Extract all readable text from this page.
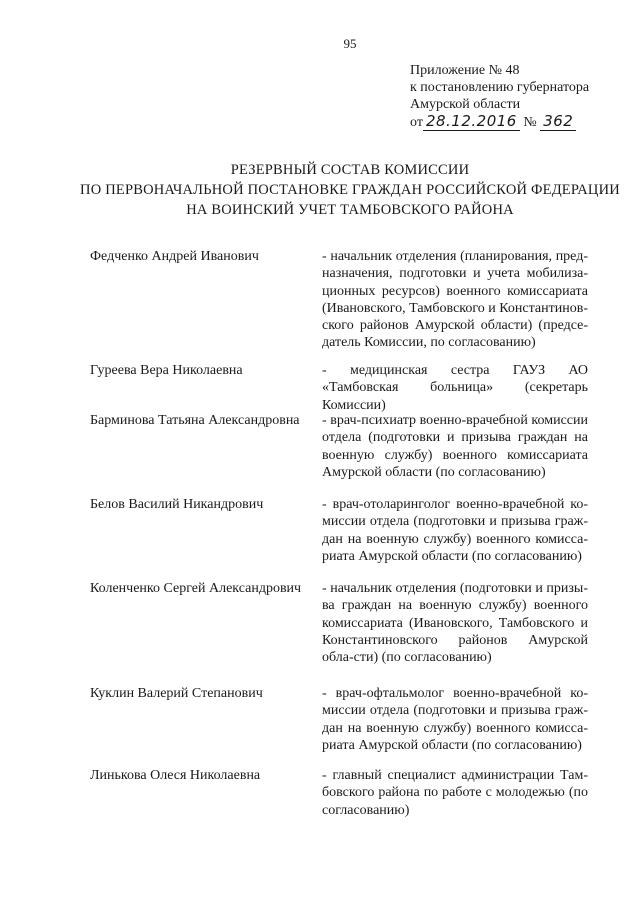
95
Приложение № 48
к постановлению губернатора
Амурской области
от 28.12.2016 № 362
РЕЗЕРВНЫЙ СОСТАВ КОМИССИИ
ПО ПЕРВОНАЧАЛЬНОЙ ПОСТАНОВКЕ ГРАЖДАН РОССИЙСКОЙ ФЕДЕРАЦИИ
НА ВОИНСКИЙ УЧЕТ ТАМБОВСКОГО РАЙОНА
Федченко Андрей Иванович	- начальник отделения (планирования, пред-назначения, подготовки и учета мобилиза-ционных ресурсов) военного комиссариата (Ивановского, Тамбовского и Константинов-ского районов Амурской области) (предсе-датель Комиссии, по согласованию)
Гуреева Вера Николаевна	- медицинская сестра ГАУЗ АО «Тамбовская больница» (секретарь Комиссии)
Барминова Татьяна Александровна	- врач-психиатр военно-врачебной комиссии отдела (подготовки и призыва граждан на военную службу) военного комиссариата Амурской области (по согласованию)
Белов Василий Никандрович	- врач-отоларинголог военно-врачебной ко-миссии отдела (подготовки и призыва граж-дан на военную службу) военного комисса-риата Амурской области (по согласованию)
Коленченко Сергей Александрович	- начальник отделения (подготовки и призы-ва граждан на военную службу) военного комиссариата (Ивановского, Тамбовского и Константиновского районов Амурской обла-сти) (по согласованию)
Куклин Валерий Степанович	- врач-офтальмолог военно-врачебной ко-миссии отдела (подготовки и призыва граж-дан на военную службу) военного комисса-риата Амурской области (по согласованию)
Линькова Олеся Николаевна	- главный специалист администрации Там-бовского района по работе с молодежью (по согласованию)
